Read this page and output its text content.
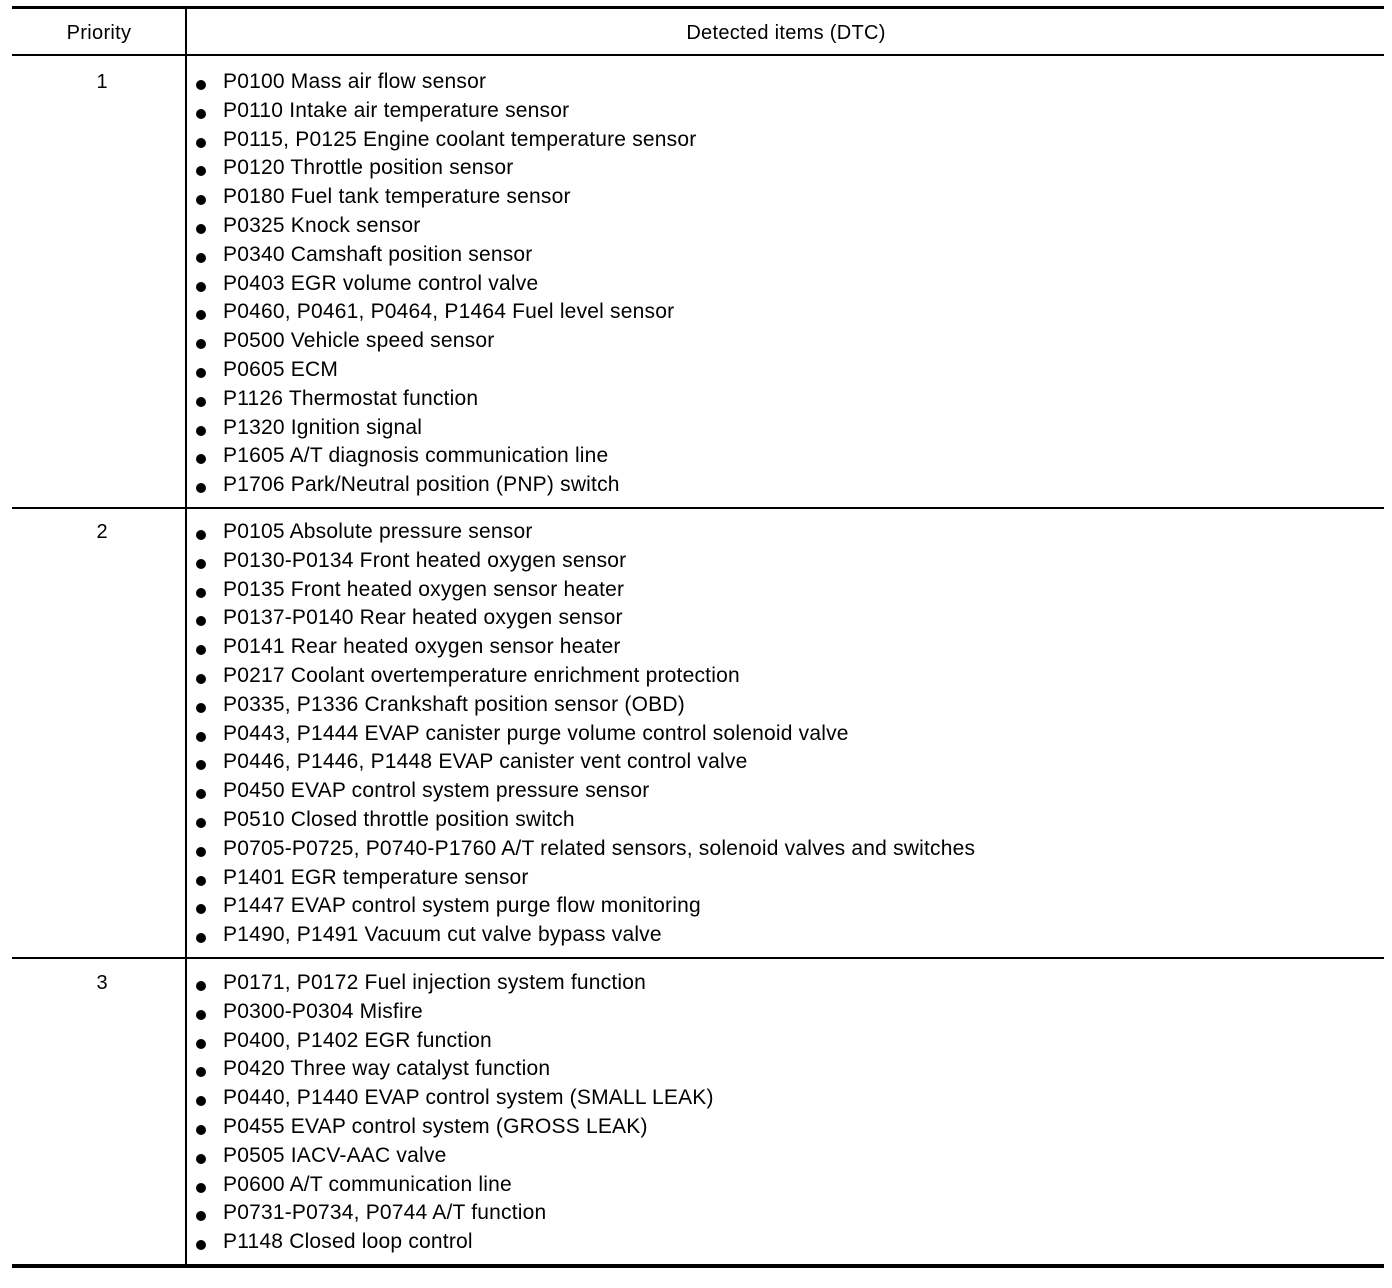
Priority	Detected items (DTC)
1	P0100 Mass air flow sensor
P0110 Intake air temperature sensor
P0115, P0125 Engine coolant temperature sensor
P0120 Throttle position sensor
P0180 Fuel tank temperature sensor
P0325 Knock sensor
P0340 Camshaft position sensor
P0403 EGR volume control valve
P0460, P0461, P0464, P1464 Fuel level sensor
P0500 Vehicle speed sensor
P0605 ECM
P1126 Thermostat function
P1320 Ignition signal
P1605 A/T diagnosis communication line
P1706 Park/Neutral position (PNP) switch
2	P0105 Absolute pressure sensor
P0130-P0134 Front heated oxygen sensor
P0135 Front heated oxygen sensor heater
P0137-P0140 Rear heated oxygen sensor
P0141 Rear heated oxygen sensor heater
P0217 Coolant overtemperature enrichment protection
P0335, P1336 Crankshaft position sensor (OBD)
P0443, P1444 EVAP canister purge volume control solenoid valve
P0446, P1446, P1448 EVAP canister vent control valve
P0450 EVAP control system pressure sensor
P0510 Closed throttle position switch
P0705-P0725, P0740-P1760 A/T related sensors, solenoid valves and switches
P1401 EGR temperature sensor
P1447 EVAP control system purge flow monitoring
P1490, P1491 Vacuum cut valve bypass valve
3	P0171, P0172 Fuel injection system function
P0300-P0304 Misfire
P0400, P1402 EGR function
P0420 Three way catalyst function
P0440, P1440 EVAP control system (SMALL LEAK)
P0455 EVAP control system (GROSS LEAK)
P0505 IACV-AAC valve
P0600 A/T communication line
P0731-P0734, P0744 A/T function
P1148 Closed loop control
